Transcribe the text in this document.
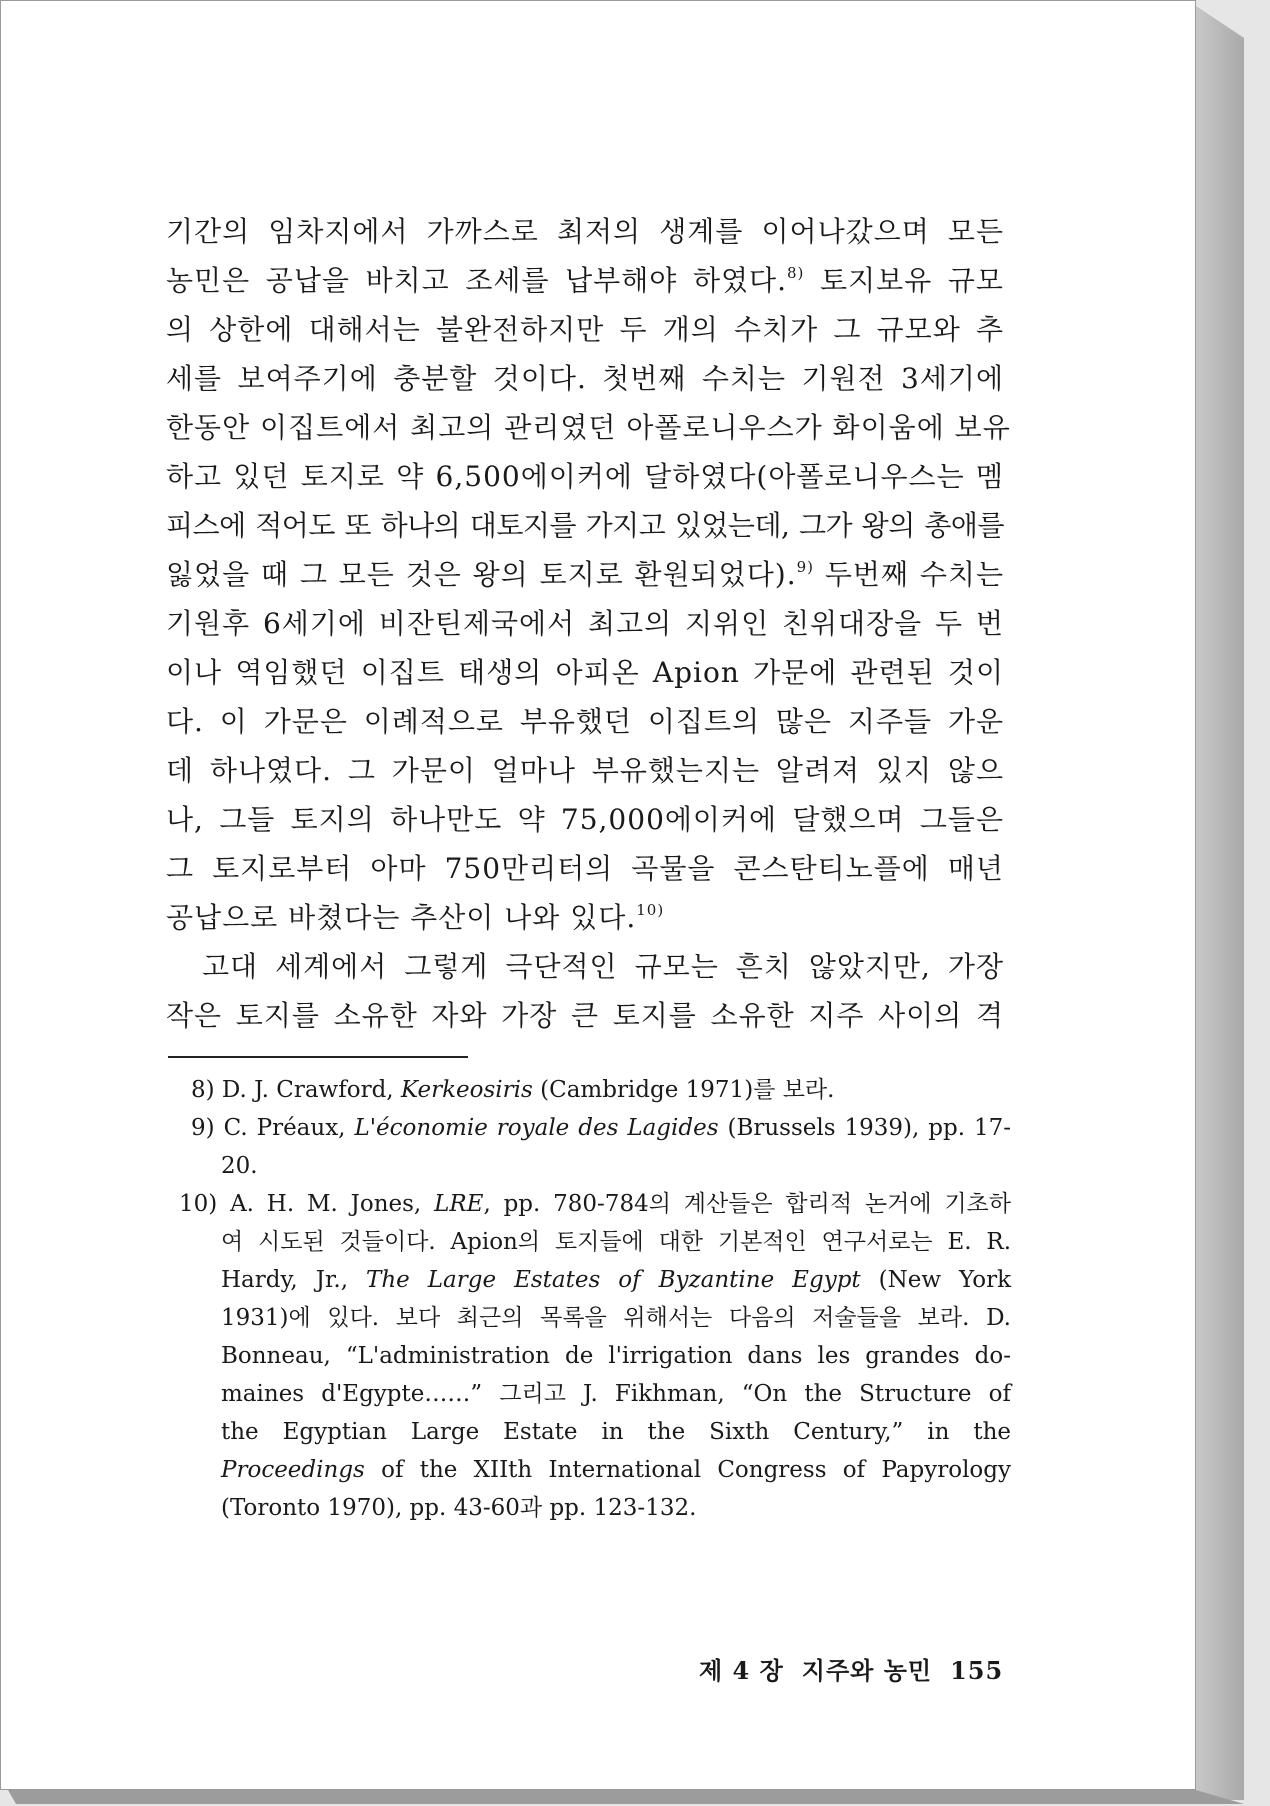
기간의 임차지에서 가까스로 최저의 생계를 이어나갔으며 모든
농민은 공납을 바치고 조세를 납부해야 하였다.$^{8)}$ 토지보유 규모
의 상한에 대해서는 불완전하지만 두 개의 수치가 그 규모와 추
세를 보여주기에 충분할 것이다. 첫번째 수치는 기원전 3세기에
한동안 이집트에서 최고의 관리였던 아폴로니우스가 화이움에 보유
하고 있던 토지로 약 6,500에이커에 달하였다(아폴로니우스는 멤
피스에 적어도 또 하나의 대토지를 가지고 있었는데, 그가 왕의 총애를
잃었을 때 그 모든 것은 왕의 토지로 환원되었다).$^{9)}$ 두번째 수치는
기원후 6세기에 비잔틴제국에서 최고의 지위인 친위대장을 두 번
이나 역임했던 이집트 태생의 아피온 Apion 가문에 관련된 것이
다. 이 가문은 이례적으로 부유했던 이집트의 많은 지주들 가운
데 하나였다. 그 가문이 얼마나 부유했는지는 알려져 있지 않으
나, 그들 토지의 하나만도 약 75,000에이커에 달했으며 그들은
그 토지로부터 아마 750만리터의 곡물을 콘스탄티노플에 매년
공납으로 바쳤다는 추산이 나와 있다.$^{10)}$
고대 세계에서 그렇게 극단적인 규모는 흔치 않았지만, 가장
작은 토지를 소유한 자와 가장 큰 토지를 소유한 지주 사이의 격
8) D. J. Crawford, Kerkeosiris (Cambridge 1971)를 보라.
9) C. Préaux, L'économie royale des Lagides (Brussels 1939), pp. 17-
20.
10) A. H. M. Jones, LRE, pp. 780-784의 계산들은 합리적 논거에 기초하
여 시도된 것들이다. Apion의 토지들에 대한 기본적인 연구서로는 E. R.
Hardy, Jr., The Large Estates of Byzantine Egypt (New York
1931)에 있다. 보다 최근의 목록을 위해서는 다음의 저술들을 보라. D.
Bonneau, “L'administration de l'irrigation dans les grandes do-
maines d'Egypte……” 그리고 J. Fikhman, “On the Structure of
the Egyptian Large Estate in the Sixth Century,” in the
Proceedings of the XIIth International Congress of Papyrology
(Toronto 1970), pp. 43-60과 pp. 123-132.
제 4 장 지주와 농민 155
